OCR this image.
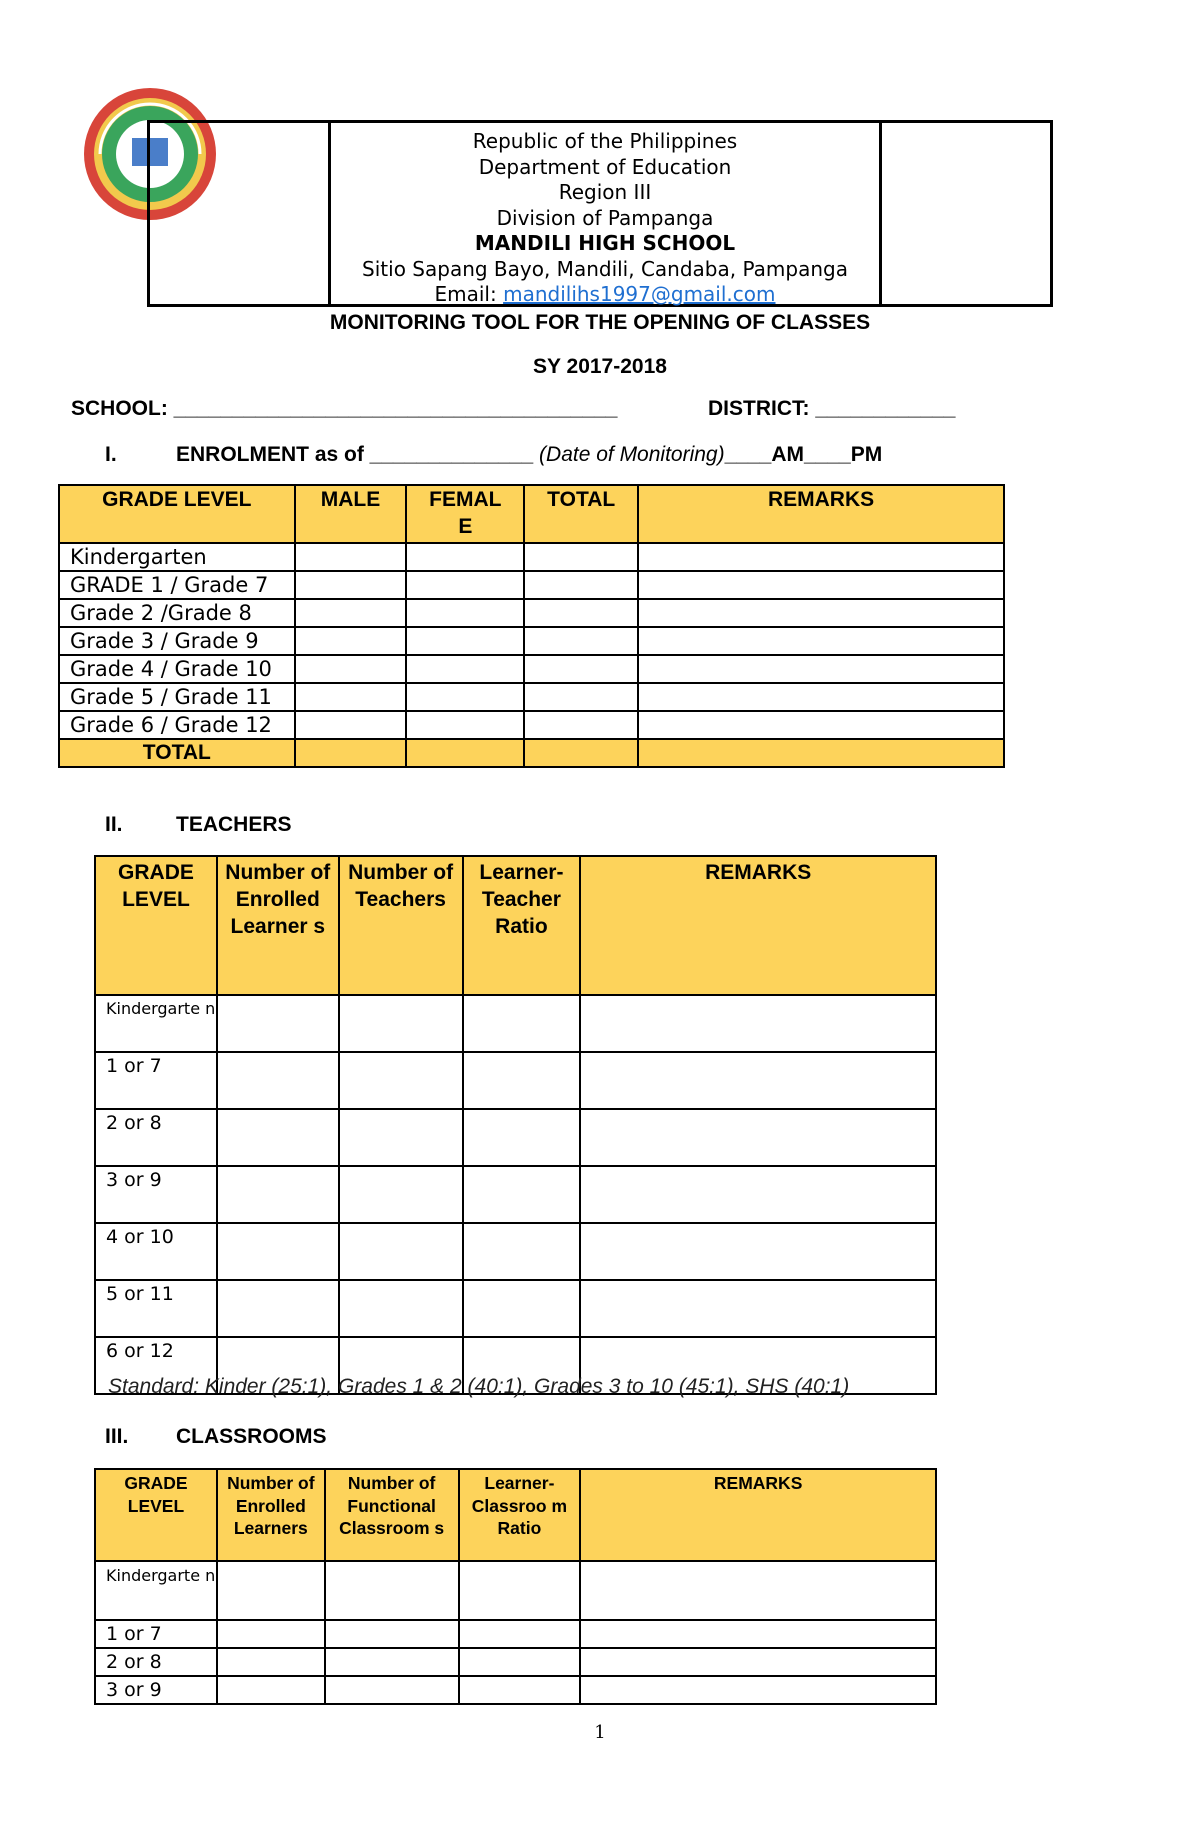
Republic of the Philippines
Department of Education
Region III
Division of Pampanga
MANDILI HIGH SCHOOL
Sitio Sapang Bayo, Mandili, Candaba, Pampanga
Email: mandilihs1997@gmail.com
MONITORING TOOL FOR THE OPENING OF CLASSES
SY 2017-2018
SCHOOL: ______________________________________	DISTRICT: ____________
I.	ENROLMENT as of ______________ (Date of Monitoring)____AM____PM
GRADE LEVEL	MALE	FEMAL E	TOTAL	REMARKS
Kindergarten				
GRADE 1 / Grade 7				
Grade 2 /Grade 8				
Grade 3 / Grade 9				
Grade 4 / Grade 10				
Grade 5 / Grade 11				
Grade 6 / Grade 12				
TOTAL				
II.	TEACHERS
GRADE LEVEL	Number of Enrolled Learner s	Number of Teachers	Learner-Teacher Ratio	REMARKS
Kindergarte n				
1 or 7				
2 or 8				
3 or 9				
4 or 10				
5 or 11				
6 or 12				
Standard: Kinder (25:1), Grades 1 & 2 (40:1), Grades 3 to 10 (45:1), SHS (40:1)
III. CLASSROOMS
GRADE LEVEL	Number of Enrolled Learners	Number of Functional Classroom s	Learner-Classroo m Ratio	REMARKS
Kindergarte n				
1 or 7				
2 or 8				
3 or 9				
1
